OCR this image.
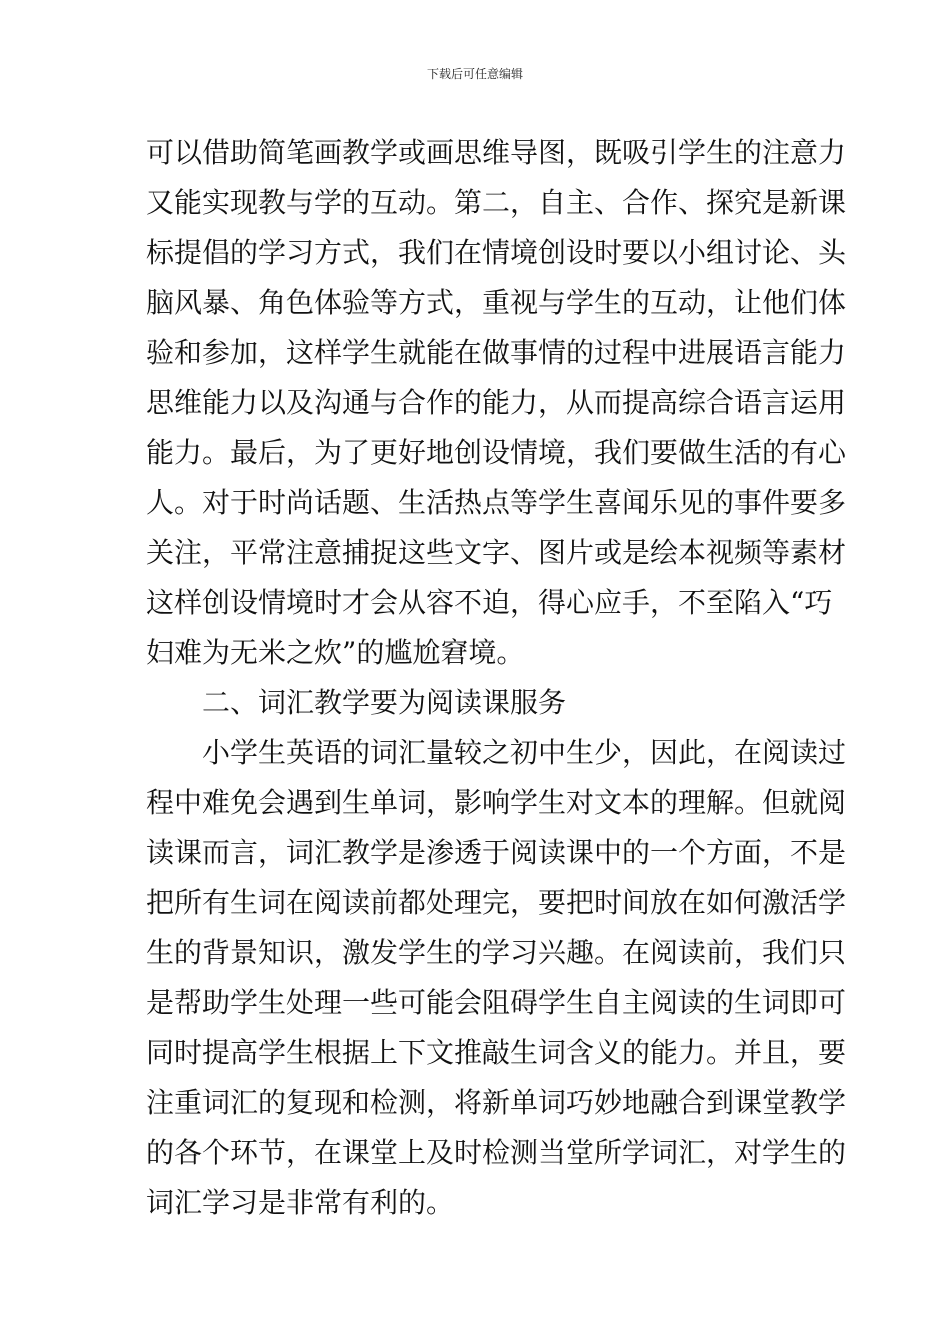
下载后可任意编辑
可以借助简笔画教学或画思维导图，既吸引学生的注意力
又能实现教与学的互动。第二，自主、合作、探究是新课
标提倡的学习方式，我们在情境创设时要以小组讨论、头
脑风暴、角色体验等方式，重视与学生的互动，让他们体
验和参加，这样学生就能在做事情的过程中进展语言能力
思维能力以及沟通与合作的能力，从而提高综合语言运用
能力。最后，为了更好地创设情境，我们要做生活的有心
人。对于时尚话题、生活热点等学生喜闻乐见的事件要多
关注，平常注意捕捉这些文字、图片或是绘本视频等素材
这样创设情境时才会从容不迫，得心应手，不至陷入“巧
妇难为无米之炊”的尴尬窘境。
　　二、词汇教学要为阅读课服务
　　小学生英语的词汇量较之初中生少，因此，在阅读过
程中难免会遇到生单词，影响学生对文本的理解。但就阅
读课而言，词汇教学是渗透于阅读课中的一个方面，不是
把所有生词在阅读前都处理完，要把时间放在如何激活学
生的背景知识，激发学生的学习兴趣。在阅读前，我们只
是帮助学生处理一些可能会阻碍学生自主阅读的生词即可
同时提高学生根据上下文推敲生词含义的能力。并且，要
注重词汇的复现和检测，将新单词巧妙地融合到课堂教学
的各个环节，在课堂上及时检测当堂所学词汇，对学生的
词汇学习是非常有利的。
